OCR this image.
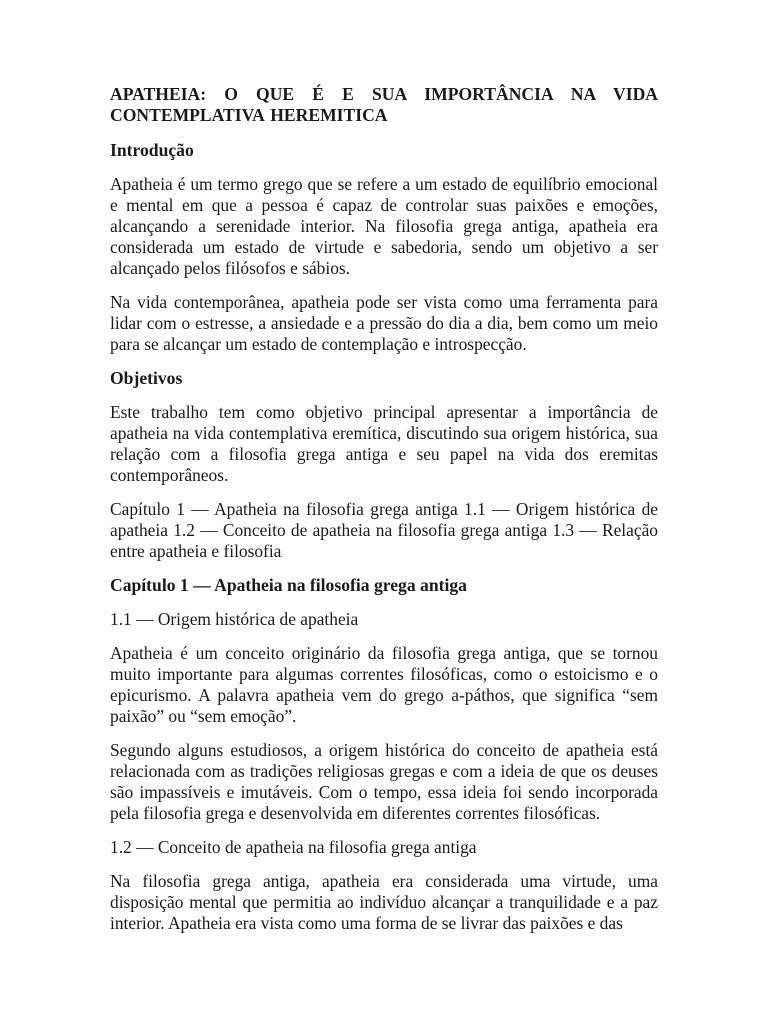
APATHEIA: O QUE É E SUA IMPORTÂNCIA NA VIDA CONTEMPLATIVA HEREMITICA
Introdução

Apatheia é um termo grego que se refere a um estado de equilíbrio emocional e mental em que a pessoa é capaz de controlar suas paixões e emoções, alcançando a serenidade interior. Na filosofia grega antiga, apatheia era considerada um estado de virtude e sabedoria, sendo um objetivo a ser alcançado pelos filósofos e sábios.

Na vida contemporânea, apatheia pode ser vista como uma ferramenta para lidar com o estresse, a ansiedade e a pressão do dia a dia, bem como um meio para se alcançar um estado de contemplação e introspecção.

Objetivos

Este trabalho tem como objetivo principal apresentar a importância de apatheia na vida contemplativa eremítica, discutindo sua origem histórica, sua relação com a filosofia grega antiga e seu papel na vida dos eremitas contemporâneos.

Capítulo 1 — Apatheia na filosofia grega antiga 1.1 — Origem histórica de apatheia 1.2 — Conceito de apatheia na filosofia grega antiga 1.3 — Relação entre apatheia e filosofia

Capítulo 1 — Apatheia na filosofia grega antiga

1.1 — Origem histórica de apatheia

Apatheia é um conceito originário da filosofia grega antiga, que se tornou muito importante para algumas correntes filosóficas, como o estoicismo e o epicurismo. A palavra apatheia vem do grego a-páthos, que significa “sem paixão” ou “sem emoção”.

Segundo alguns estudiosos, a origem histórica do conceito de apatheia está relacionada com as tradições religiosas gregas e com a ideia de que os deuses são impassíveis e imutáveis. Com o tempo, essa ideia foi sendo incorporada pela filosofia grega e desenvolvida em diferentes correntes filosóficas.

1.2 — Conceito de apatheia na filosofia grega antiga

Na filosofia grega antiga, apatheia era considerada uma virtude, uma disposição mental que permitia ao indivíduo alcançar a tranquilidade e a paz interior. Apatheia era vista como uma forma de se livrar das paixões e das
